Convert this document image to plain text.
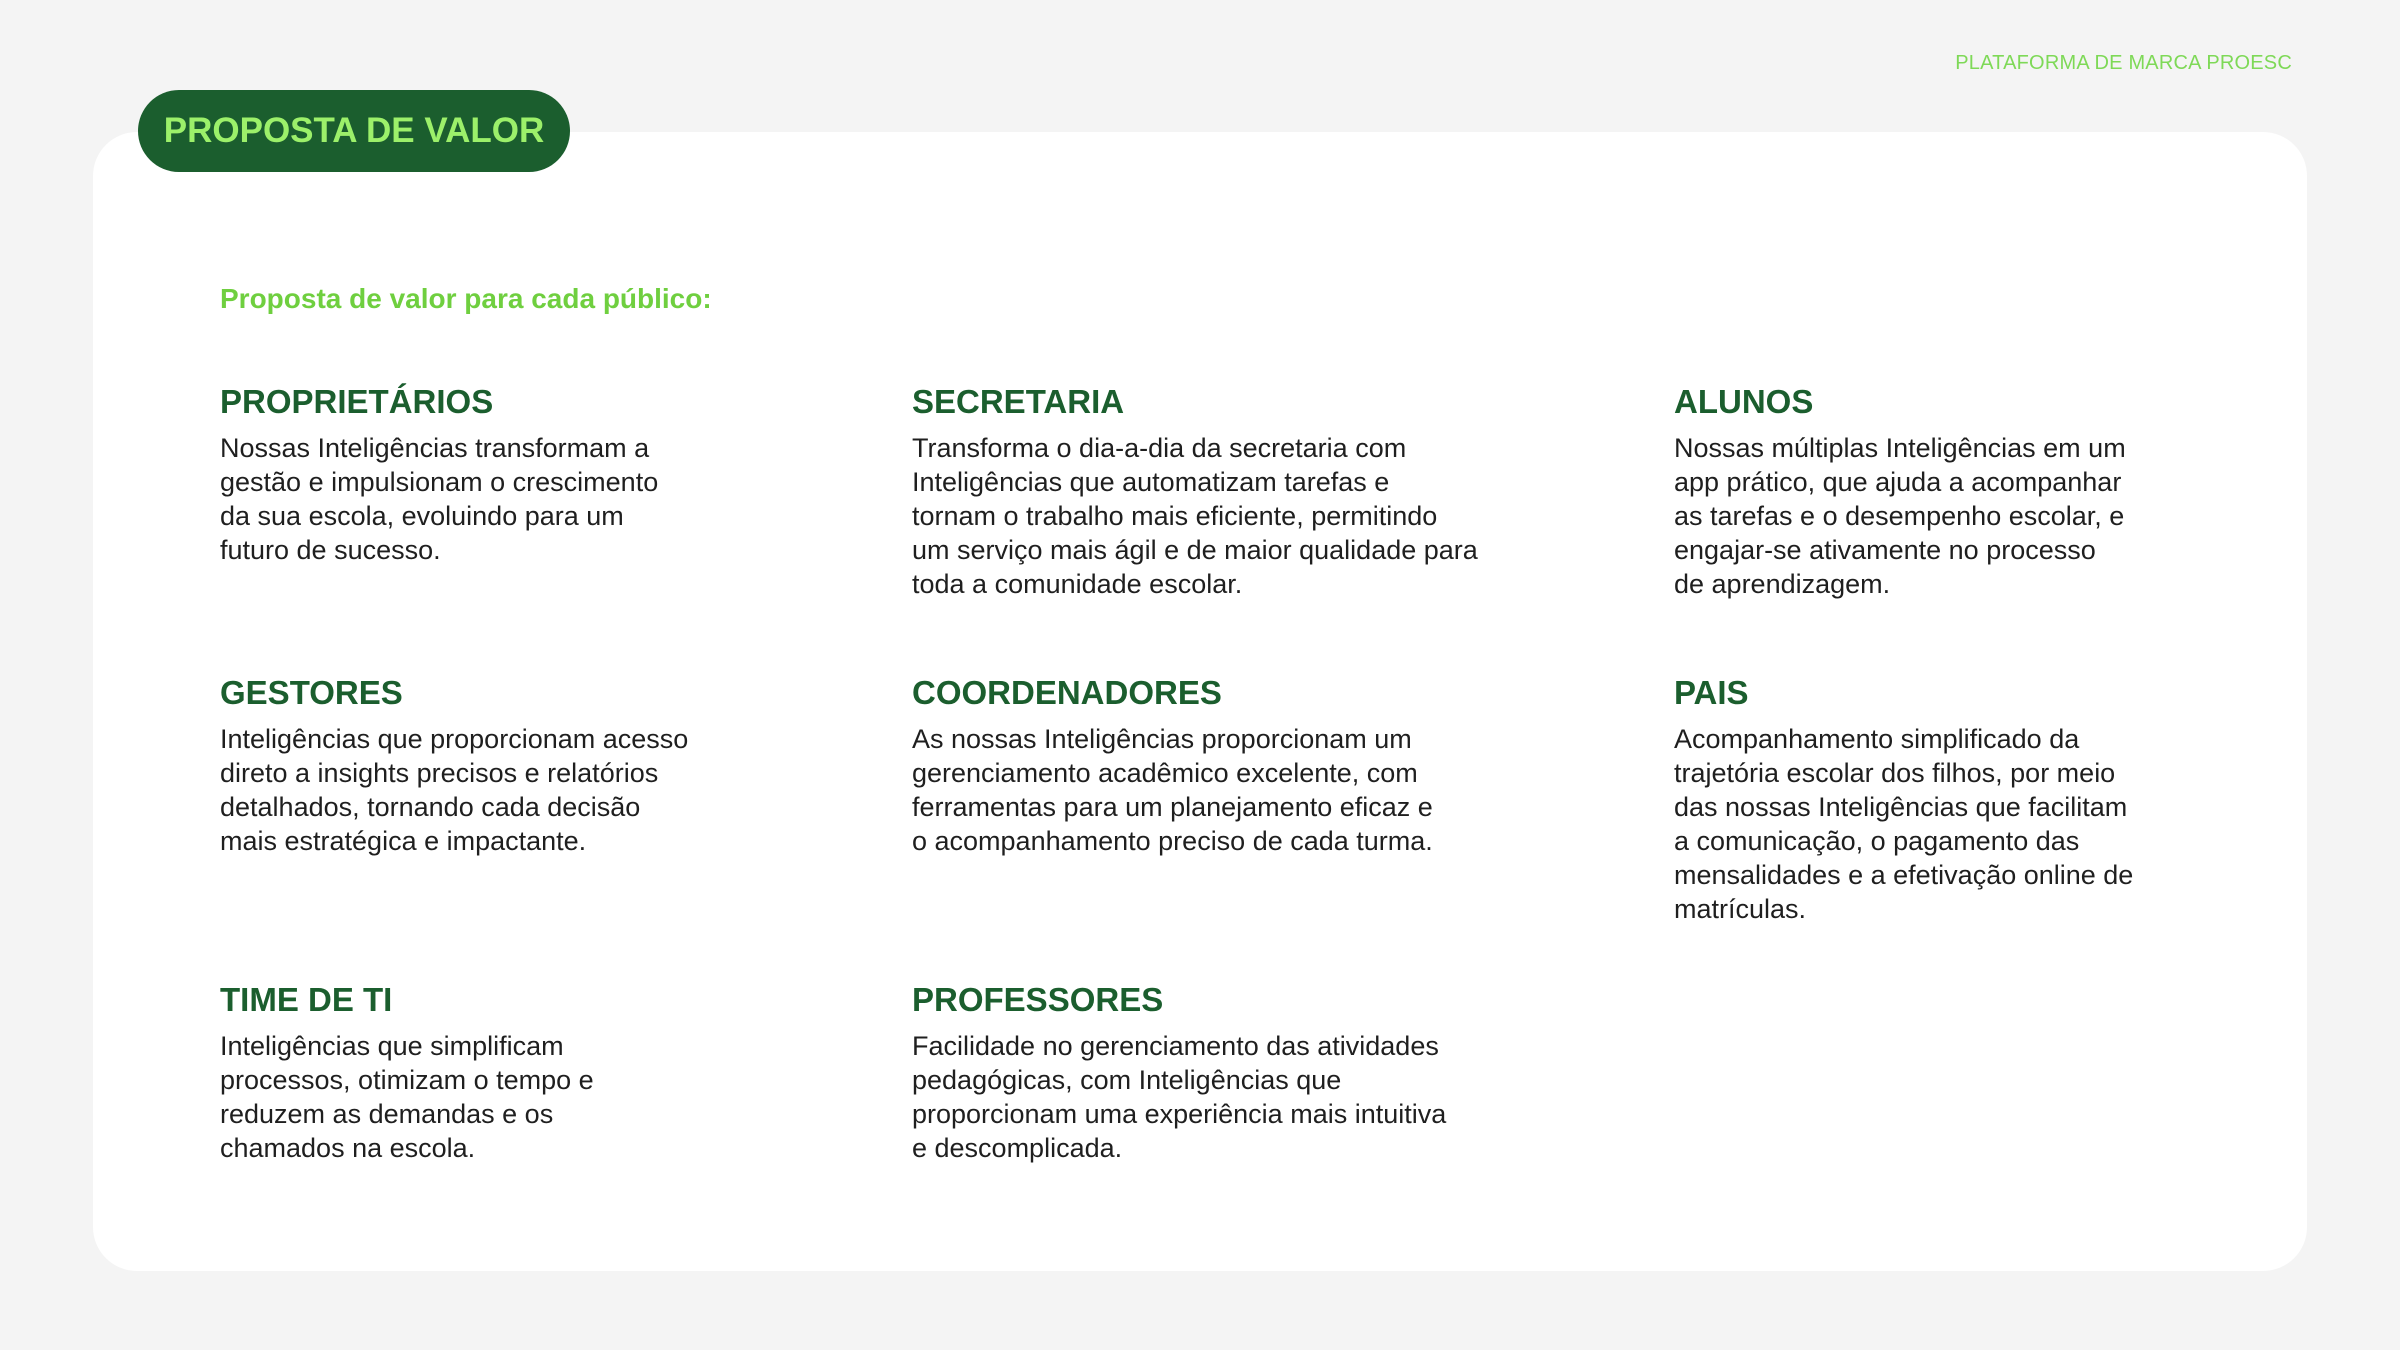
PLATAFORMA DE MARCA PROESC
PROPOSTA DE VALOR
Proposta de valor para cada público:
PROPRIETÁRIOS

Nossas Inteligências transformam a
gestão e impulsionam o crescimento
da sua escola, evoluindo para um
futuro de sucesso.

SECRETARIA

Transforma o dia-a-dia da secretaria com
Inteligências que automatizam tarefas e
tornam o trabalho mais eficiente, permitindo
um serviço mais ágil e de maior qualidade para
toda a comunidade escolar.

ALUNOS

Nossas múltiplas Inteligências em um
app prático, que ajuda a acompanhar
as tarefas e o desempenho escolar, e
engajar-se ativamente no processo
de aprendizagem.

GESTORES

Inteligências que proporcionam acesso
direto a insights precisos e relatórios
detalhados, tornando cada decisão
mais estratégica e impactante.

COORDENADORES

As nossas Inteligências proporcionam um
gerenciamento acadêmico excelente, com
ferramentas para um planejamento eficaz e
o acompanhamento preciso de cada turma.

PAIS

Acompanhamento simplificado da
trajetória escolar dos filhos, por meio
das nossas Inteligências que facilitam
a comunicação, o pagamento das
mensalidades e a efetivação online de
matrículas.

TIME DE TI

Inteligências que simplificam
processos, otimizam o tempo e
reduzem as demandas e os
chamados na escola.

PROFESSORES

Facilidade no gerenciamento das atividades
pedagógicas, com Inteligências que
proporcionam uma experiência mais intuitiva
e descomplicada.
